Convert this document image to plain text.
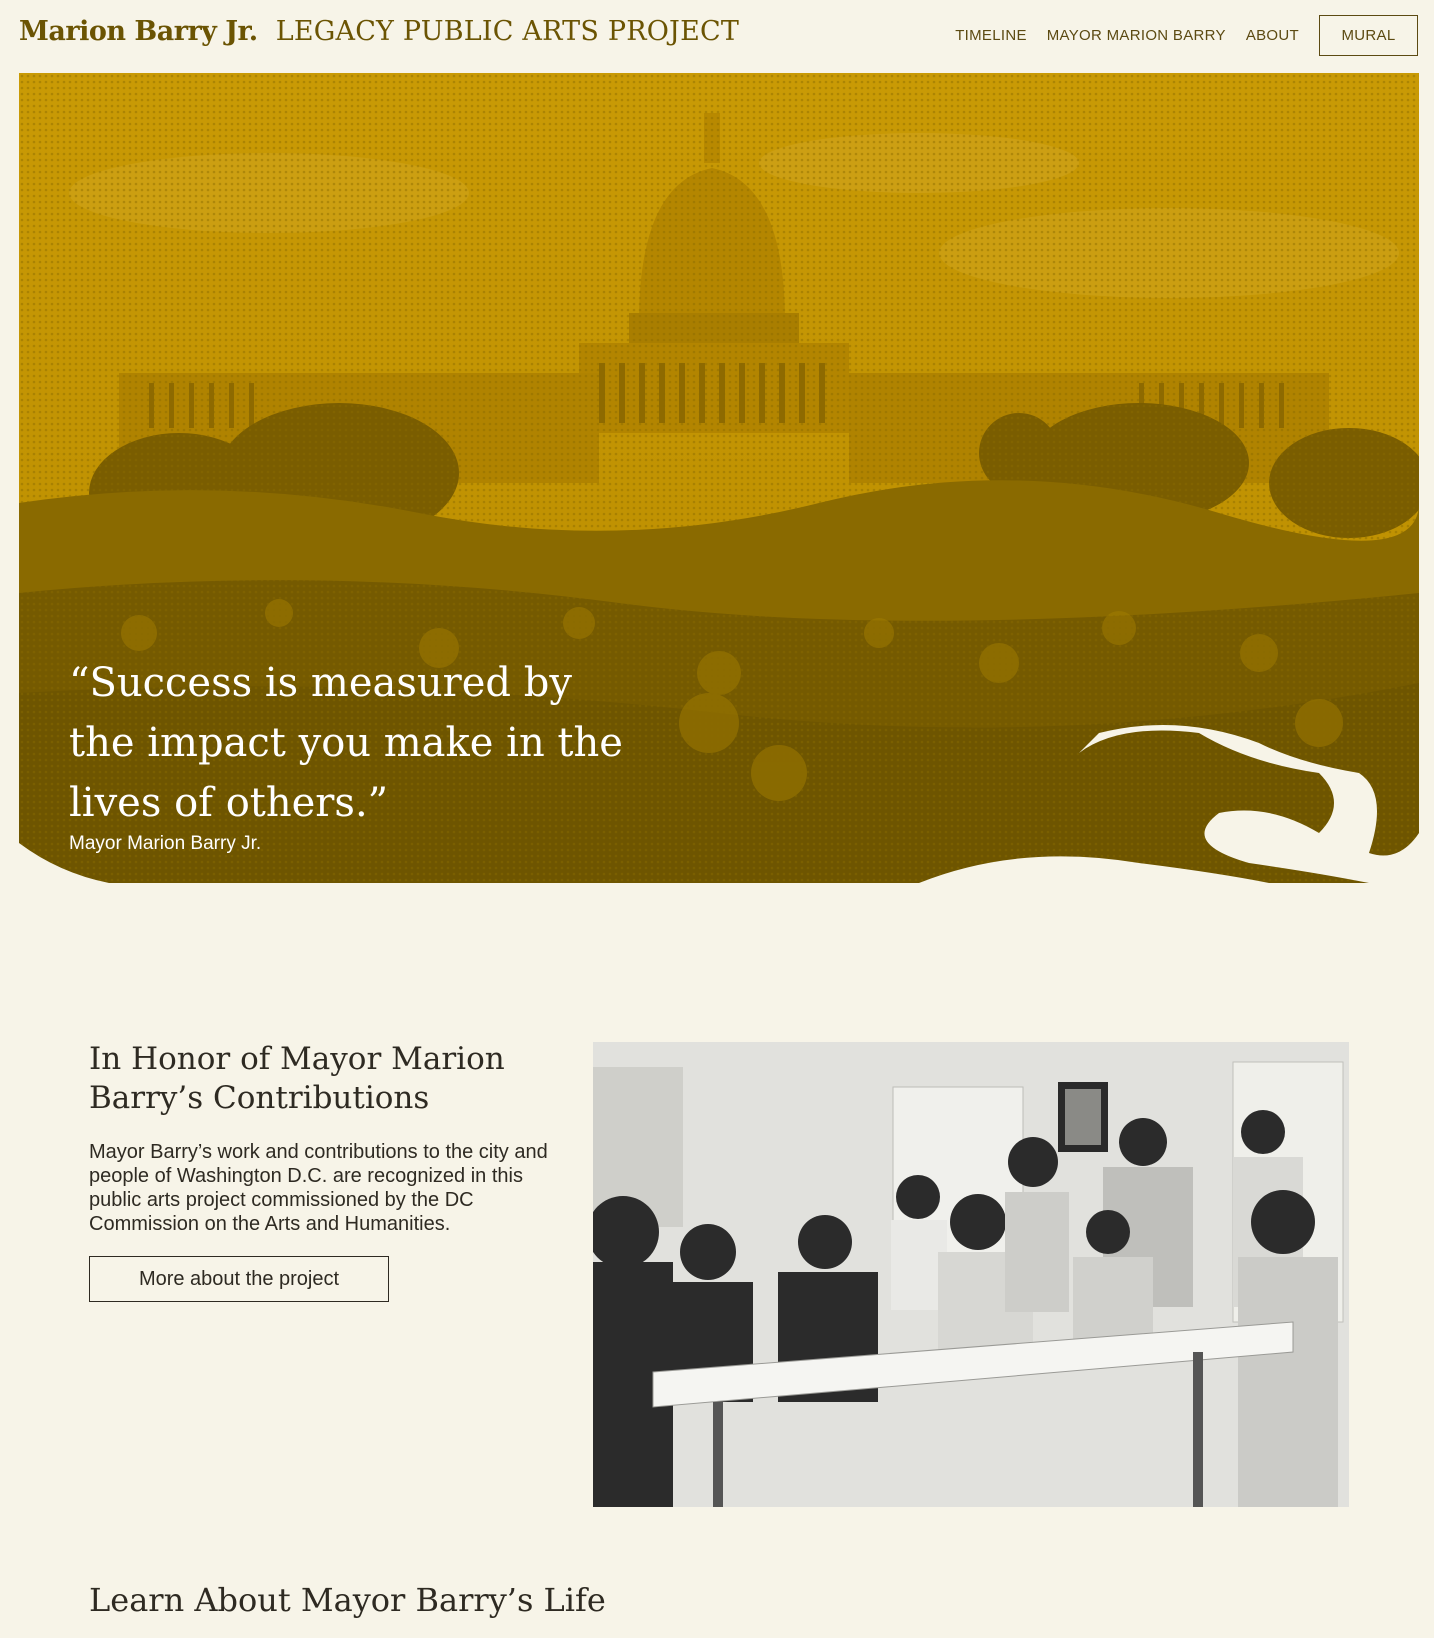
Marion Barry Jr. LEGACY PUBLIC ARTS PROJECT	TIMELINE MAYOR MARION BARRY ABOUT	MURAL
“Success is measured by the impact you make in the lives of others.”
Mayor Marion Barry Jr.
In Honor of Mayor Marion Barry’s Contributions

Mayor Barry’s work and contributions to the city and people of Washington D.C. are recognized in this public arts project commissioned by the DC Commission on the Arts and Humanities.

More about the project
Learn About Mayor Barry’s Life
